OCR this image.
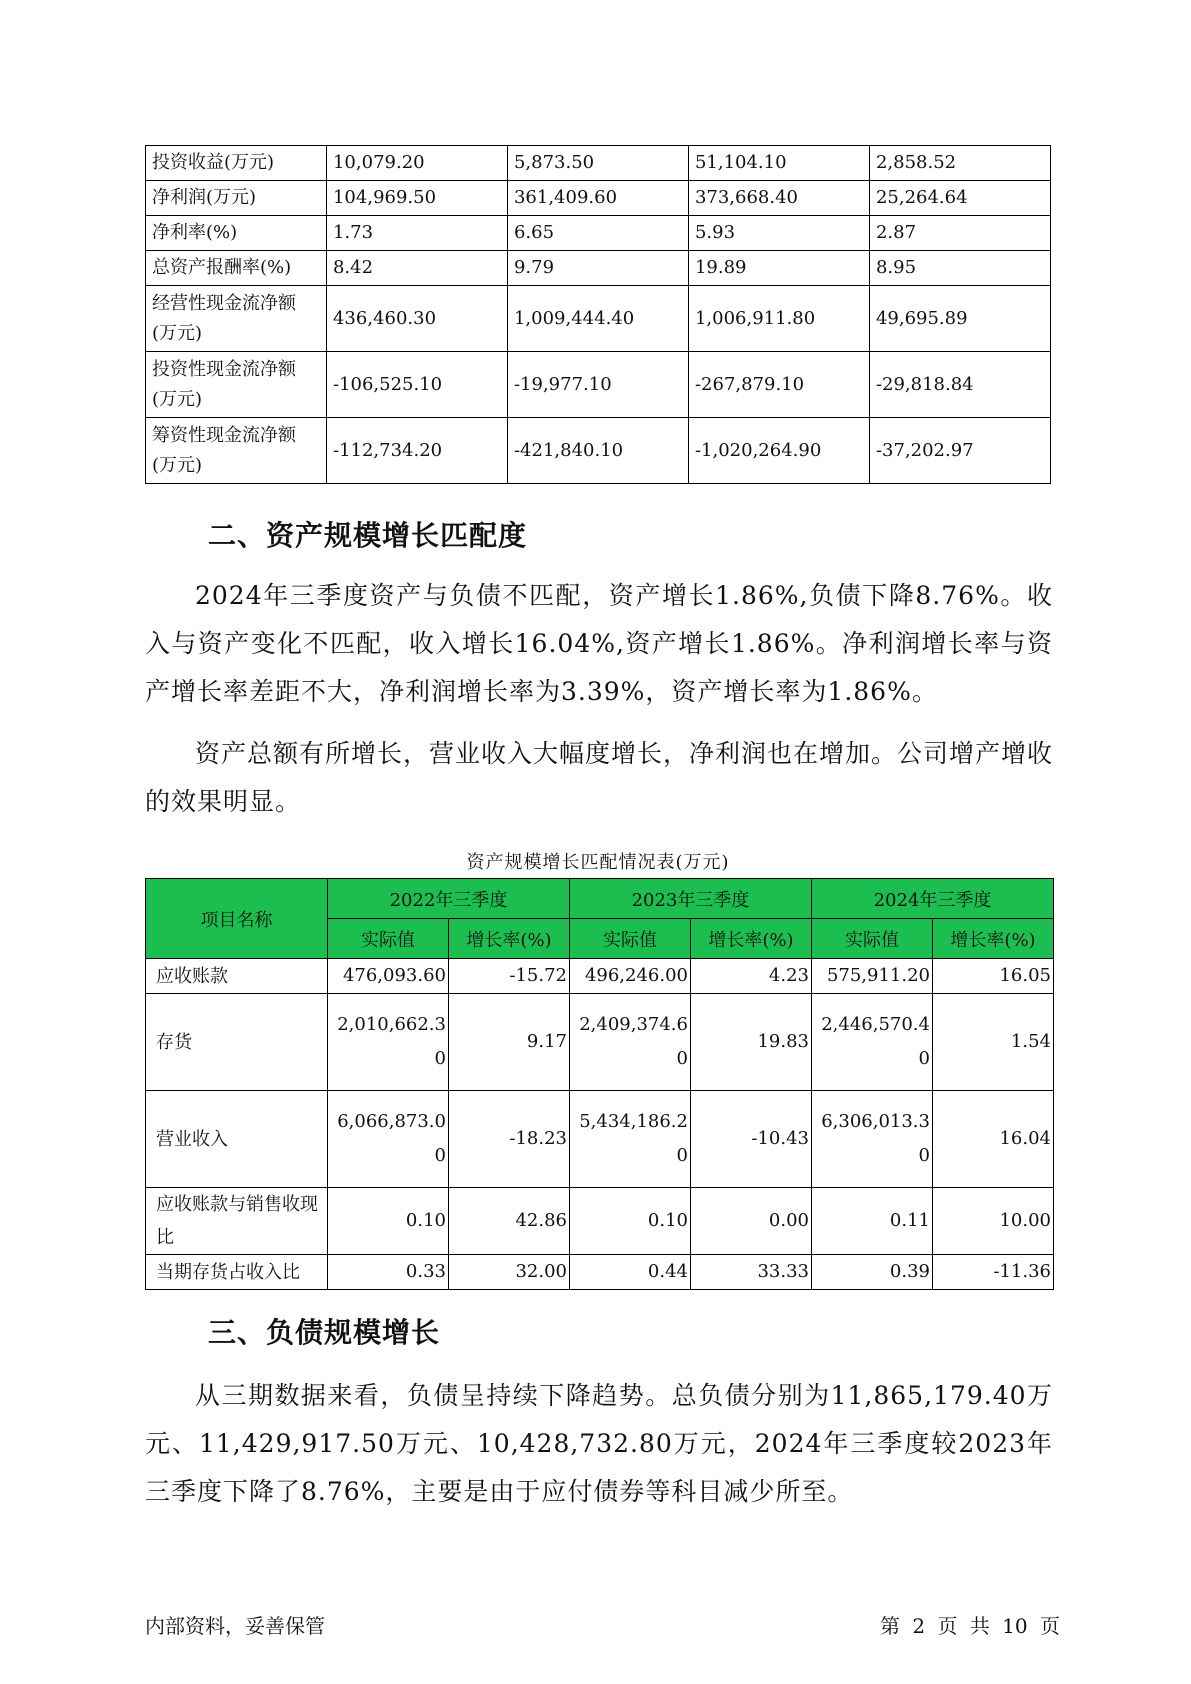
投资收益(万元)	10,079.20	5,873.50	51,104.10	2,858.52
净利润(万元)	104,969.50	361,409.60	373,668.40	25,264.64
净利率(%)	1.73	6.65	5.93	2.87
总资产报酬率(%)	8.42	9.79	19.89	8.95
经营性现金流净额(万元)	436,460.30	1,009,444.40	1,006,911.80	49,695.89
投资性现金流净额(万元)	-106,525.10	-19,977.10	-267,879.10	-29,818.84
筹资性现金流净额(万元)	-112,734.20	-421,840.10	-1,020,264.90	-37,202.97
二、资产规模增长匹配度

2024年三季度资产与负债不匹配，资产增长1.86%,负债下降8.76%。收入与资产变化不匹配，收入增长16.04%,资产增长1.86%。净利润增长率与资产增长率差距不大，净利润增长率为3.39%，资产增长率为1.86%。

资产总额有所增长，营业收入大幅度增长，净利润也在增加。公司增产增收的效果明显。

资产规模增长匹配情况表(万元)
项目名称	2022年三季度		2023年三季度		2024年三季度	
	实际值	增长率(%)	实际值	增长率(%)	实际值	增长率(%)
应收账款	476,093.60	-15.72	496,246.00	4.23	575,911.20	16.05
存货	2,010,662.30	9.17	2,409,374.60	19.83	2,446,570.40	1.54
营业收入	6,066,873.00	-18.23	5,434,186.20	-10.43	6,306,013.30	16.04
应收账款与销售收现比	0.10	42.86	0.10	0.00	0.11	10.00
当期存货占收入比	0.33	32.00	0.44	33.33	0.39	-11.36
三、负债规模增长

从三期数据来看，负债呈持续下降趋势。总负债分别为11,865,179.40万元、11,429,917.50万元、10,428,732.80万元，2024年三季度较2023年三季度下降了8.76%，主要是由于应付债券等科目减少所至。

内部资料，妥善保管	第 2 页 共 10 页
